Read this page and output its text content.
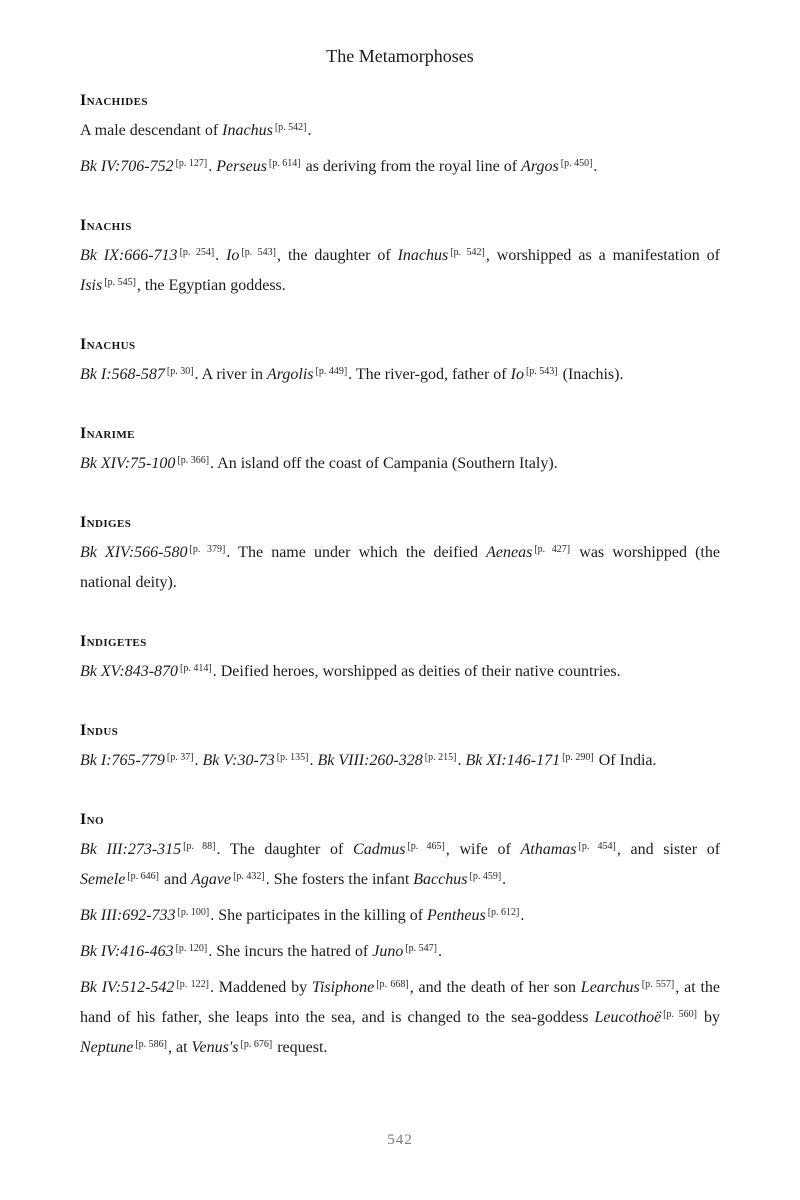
The Metamorphoses
Inachides

A male descendant of Inachus [p. 542].

Bk IV:706-752 [p. 127]. Perseus [p. 614] as deriving from the royal line of Argos [p. 450].

Inachis

Bk IX:666-713 [p. 254]. Io [p. 543], the daughter of Inachus [p. 542], worshipped as a manifestation of Isis [p. 545], the Egyptian goddess.

Inachus

Bk I:568-587 [p. 30]. A river in Argolis [p. 449]. The river-god, father of Io [p. 543] (Inachis).

Inarime

Bk XIV:75-100 [p. 366]. An island off the coast of Campania (Southern Italy).

Indiges

Bk XIV:566-580 [p. 379]. The name under which the deified Aeneas [p. 427] was worshipped (the national deity).

Indigetes

Bk XV:843-870 [p. 414]. Deified heroes, worshipped as deities of their native countries.

Indus

Bk I:765-779 [p. 37]. Bk V:30-73 [p. 135]. Bk VIII:260-328 [p. 215]. Bk XI:146-171 [p. 290] Of India.

Ino

Bk III:273-315 [p. 88]. The daughter of Cadmus [p. 465], wife of Athamas [p. 454], and sister of Semele [p. 646] and Agave [p. 432]. She fosters the infant Bacchus [p. 459].

Bk III:692-733 [p. 100]. She participates in the killing of Pentheus [p. 612].

Bk IV:416-463 [p. 120]. She incurs the hatred of Juno [p. 547].

Bk IV:512-542 [p. 122]. Maddened by Tisiphone [p. 668], and the death of her son Learchus [p. 557], at the hand of his father, she leaps into the sea, and is changed to the sea-goddess Leucothoë [p. 560] by Neptune [p. 586], at Venus's [p. 676] request.

542
